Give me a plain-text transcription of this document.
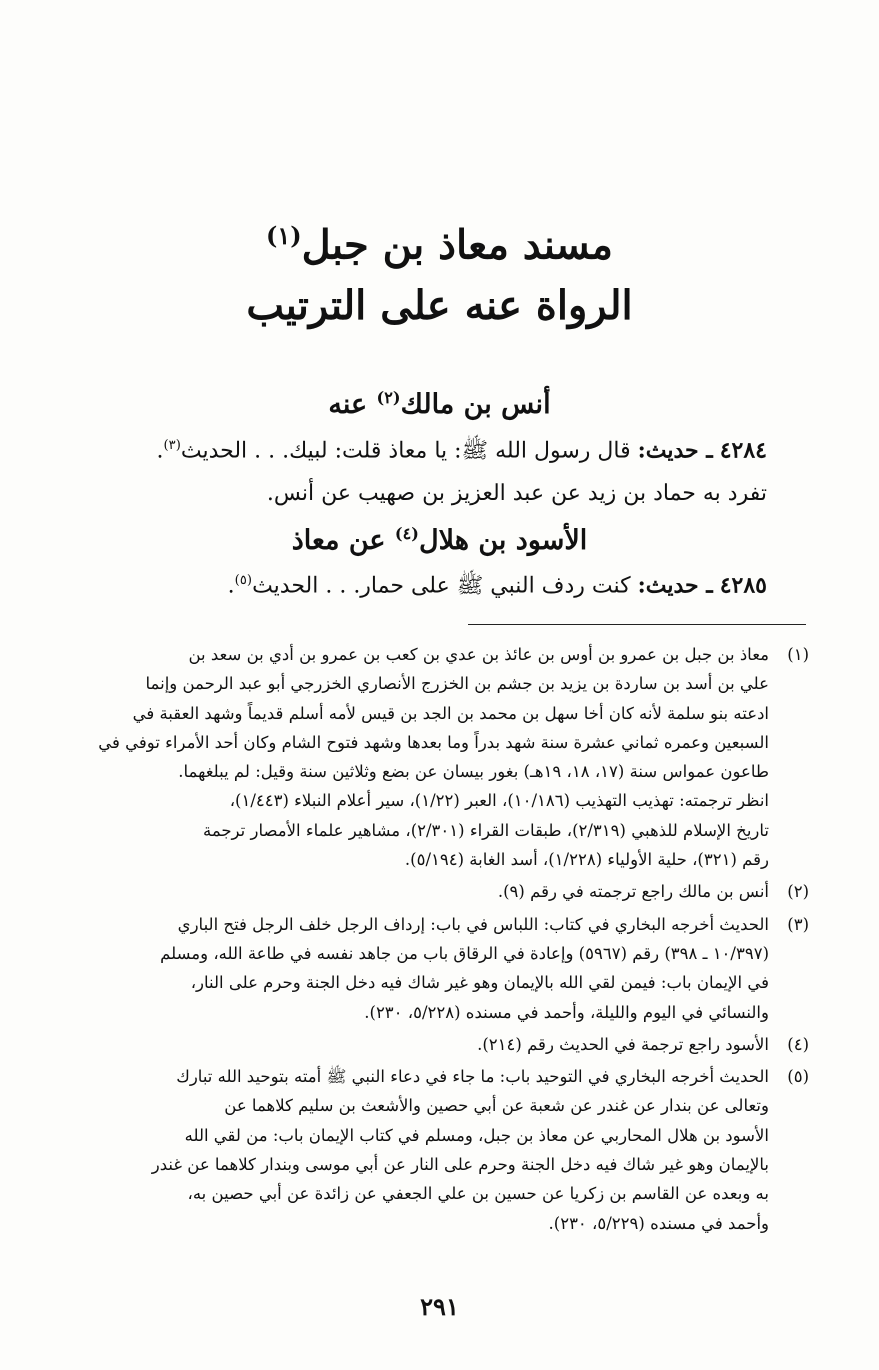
مسند معاذ بن جبل$^{(١)}$
الرواة عنه على الترتيب
أنس بن مالك$^{(٢)}$ عنه
٤٢٨٤ ـ حديث: قال رسول الله ﷺ: يا معاذ قلت: لبيك. . . الحديث$^{(٣)}$.
تفرد به حماد بن زيد عن عبد العزيز بن صهيب عن أنس.
الأسود بن هلال$^{(٤)}$ عن معاذ
٤٢٨٥ ـ حديث: كنت ردف النبي ﷺ على حمار. . . الحديث$^{(٥)}$.
(١)
معاذ بن جبل بن عمرو بن أوس بن عائذ بن عدي بن كعب بن عمرو بن أدي بن سعد بن
علي بن أسد بن ساردة بن يزيد بن جشم بن الخزرج الأنصاري الخزرجي أبو عبد الرحمن وإنما
ادعته بنو سلمة لأنه كان أخا سهل بن محمد بن الجد بن قيس لأمه أسلم قديماً وشهد العقبة في
السبعين وعمره ثماني عشرة سنة شهد بدراً وما بعدها وشهد فتوح الشام وكان أحد الأمراء توفي في
طاعون عمواس سنة (١٧، ١٨، ١٩هـ) بغور بيسان عن بضع وثلاثين سنة وقيل: لم يبلغهما.
انظر ترجمته: تهذيب التهذيب (١٠/١٨٦)، العبر (١/٢٢)، سير أعلام النبلاء (١/٤٤٣)،
تاريخ الإسلام للذهبي (٢/٣١٩)، طبقات القراء (٢/٣٠١)، مشاهير علماء الأمصار ترجمة
رقم (٣٢١)، حلية الأولياء (١/٢٢٨)، أسد الغابة (٥/١٩٤).
(٢)
أنس بن مالك راجع ترجمته في رقم (٩).
(٣)
الحديث أخرجه البخاري في كتاب: اللباس في باب: إرداف الرجل خلف الرجل فتح الباري
(١٠/٣٩٧ ـ ٣٩٨) رقم (٥٩٦٧) وإعادة في الرقاق باب من جاهد نفسه في طاعة الله، ومسلم
في الإيمان باب: فيمن لقي الله بالإيمان وهو غير شاك فيه دخل الجنة وحرم على النار،
والنسائي في اليوم والليلة، وأحمد في مسنده (٥/٢٢٨، ٢٣٠).
(٤)
الأسود راجع ترجمة في الحديث رقم (٢١٤).
(٥)
الحديث أخرجه البخاري في التوحيد باب: ما جاء في دعاء النبي ﷺ أمته بتوحيد الله تبارك
وتعالى عن بندار عن غندر عن شعبة عن أبي حصين والأشعث بن سليم كلاهما عن
الأسود بن هلال المحاربي عن معاذ بن جبل، ومسلم في كتاب الإيمان باب: من لقي الله
بالإيمان وهو غير شاك فيه دخل الجنة وحرم على النار عن أبي موسى وبندار كلاهما عن غندر
به وبعده عن القاسم بن زكريا عن حسين بن علي الجعفي عن زائدة عن أبي حصين به،
وأحمد في مسنده (٥/٢٢٩، ٢٣٠).
٢٩١
